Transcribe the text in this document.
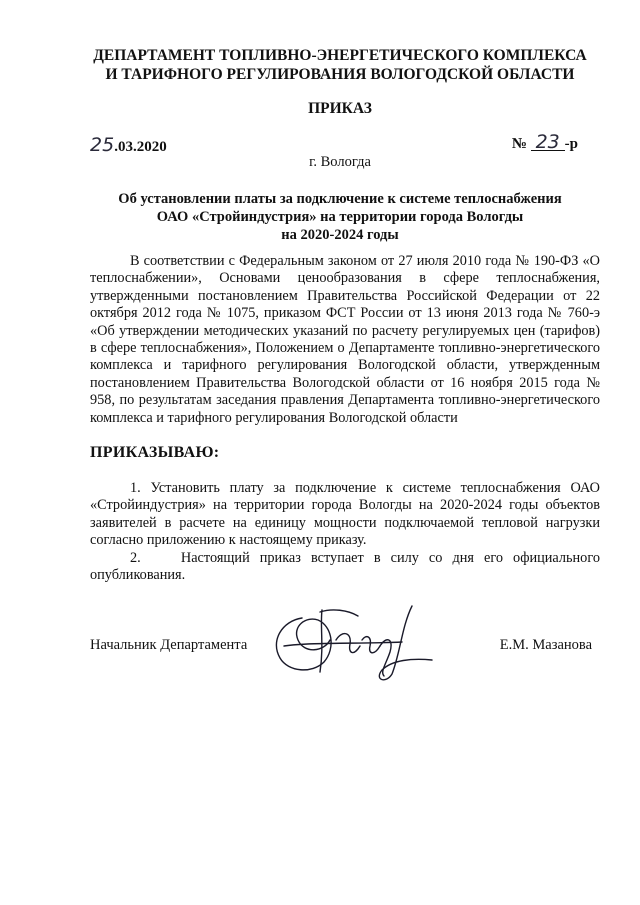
ДЕПАРТАМЕНТ ТОПЛИВНО-ЭНЕРГЕТИЧЕСКОГО КОМПЛЕКСА
И ТАРИФНОГО РЕГУЛИРОВАНИЯ ВОЛОГОДСКОЙ ОБЛАСТИ
ПРИКАЗ
25.03.2020	№ 23 -р
г. Вологда
Об установлении платы за подключение к системе теплоснабжения
ОАО «Стройиндустрия» на территории города Вологды
на 2020-2024 годы
В соответствии с Федеральным законом от 27 июля 2010 года № 190-ФЗ «О теплоснабжении», Основами ценообразования в сфере теплоснабжения, утвержденными постановлением Правительства Российской Федерации от 22 октября 2012 года № 1075, приказом ФСТ России от 13 июня 2013 года № 760-э «Об утверждении методических указаний по расчету регулируемых цен (тарифов) в сфере теплоснабжения», Положением о Департаменте топливно-энергетического комплекса и тарифного регулирования Вологодской области, утвержденным постановлением Правительства Вологодской области от 16 ноября 2015 года № 958, по результатам заседания правления Департамента топливно-энергетического комплекса и тарифного регулирования Вологодской области
ПРИКАЗЫВАЮ:
1. Установить плату за подключение к системе теплоснабжения ОАО «Стройиндустрия» на территории города Вологды на 2020-2024 годы объектов заявителей в расчете на единицу мощности подключаемой тепловой нагрузки согласно приложению к настоящему приказу.
2.    Настоящий приказ вступает в силу со дня его официального опубликования.
Начальник Департамента	Е.М. Мазанова
